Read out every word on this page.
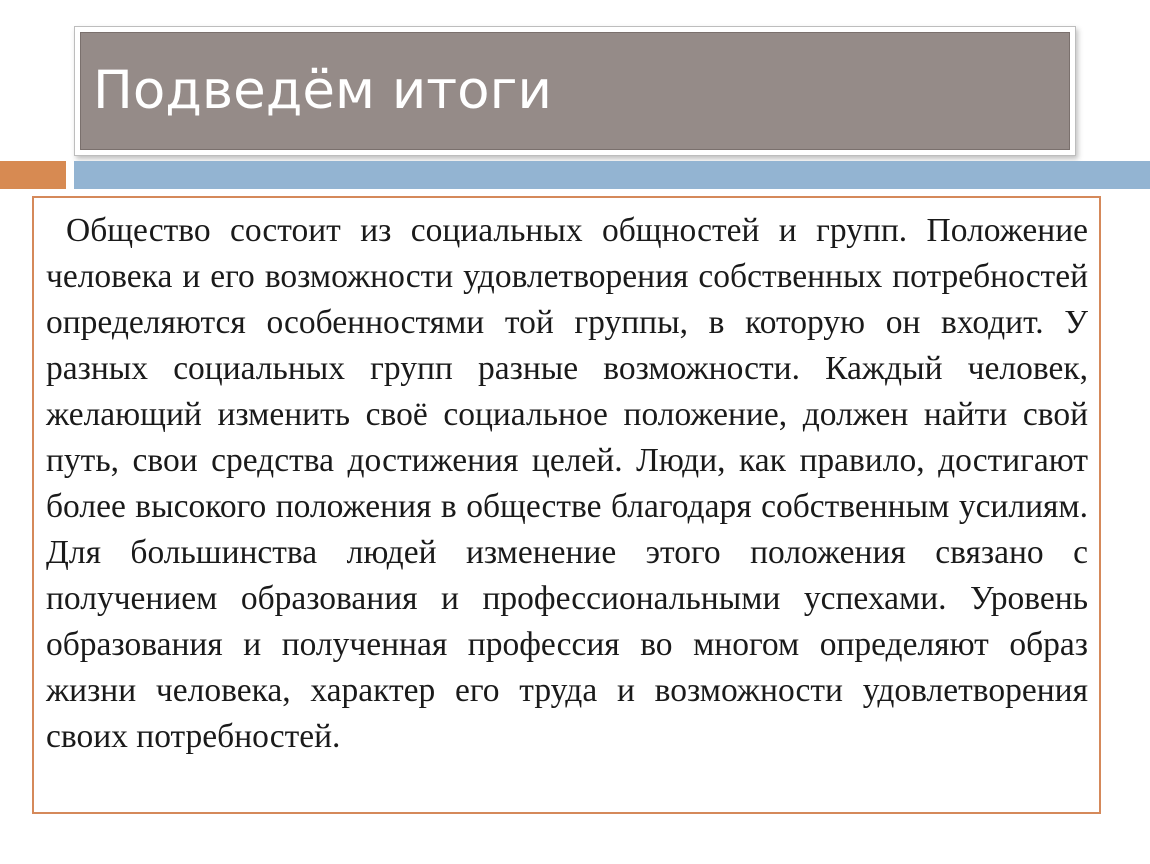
Подведём итоги

Общество состоит из социальных общностей и групп. Положение человека и его возможности удовлетворения собственных потребностей определяются особенностями той группы, в которую он входит. У разных социальных групп разные возможности. Каждый человек, желающий изменить своё социальное положение, должен найти свой путь, свои средства достижения целей. Люди, как правило, достигают более высокого положения в обществе благодаря собственным усилиям. Для большинства людей изменение этого положения связано с получением образования и профессиональными успехами. Уровень образования и полученная профессия во многом определяют образ жизни человека, характер его труда и возможности удовлетворения своих потребностей.
